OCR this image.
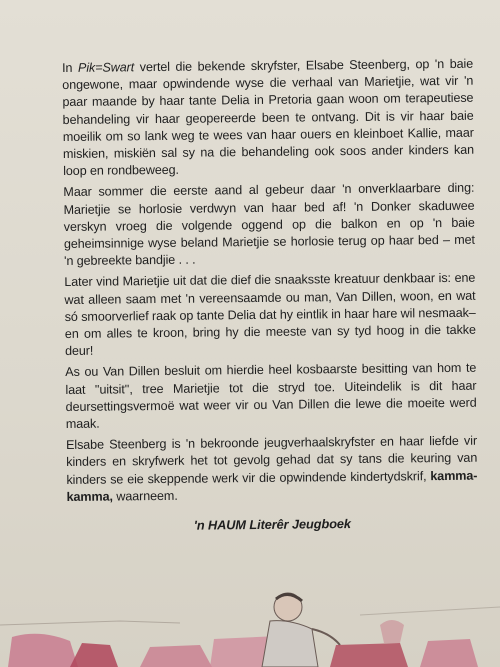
In Pik=Swart vertel die bekende skryfster, Elsabe Steenberg, op 'n baie ongewone, maar opwindende wyse die verhaal van Marietjie, wat vir 'n paar maande by haar tante Delia in Pretoria gaan woon om terapeutiese behandeling vir haar geopereerde been te ontvang. Dit is vir haar baie moeilik om so lank weg te wees van haar ouers en kleinboet Kallie, maar miskien, miskiën sal sy na die behandeling ook soos ander kinders kan loop en rondbeweeg.

Maar sommer die eerste aand al gebeur daar 'n onverklaarbare ding: Marietjie se horlosie verdwyn van haar bed af! 'n Donker skaduwee verskyn vroeg die volgende oggend op die balkon en op 'n baie geheimsinnige wyse beland Marietjie se horlosie terug op haar bed – met 'n gebreekte bandjie . . .

Later vind Marietjie uit dat die dief die snaaksste kreatuur denkbaar is: ene wat alleen saam met 'n vereensaamde ou man, Van Dillen, woon, en wat só smoorverlief raak op tante Delia dat hy eintlik in haar hare wil nesmaak– en om alles te kroon, bring hy die meeste van sy tyd hoog in die takke deur!

As ou Van Dillen besluit om hierdie heel kosbaarste besitting van hom te laat ''uitsit'', tree Marietjie tot die stryd toe. Uiteindelik is dit haar deursettingsvermoë wat weer vir ou Van Dillen die lewe die moeite werd maak.

Elsabe Steenberg is 'n bekroonde jeugverhaalskryfster en haar liefde vir kinders en skryfwerk het tot gevolg gehad dat sy tans die keuring van kinders se eie skeppende werk vir die opwindende kindertydskrif, kamma-kamma, waarneem.

'n HAUM Literêr Jeugboek
